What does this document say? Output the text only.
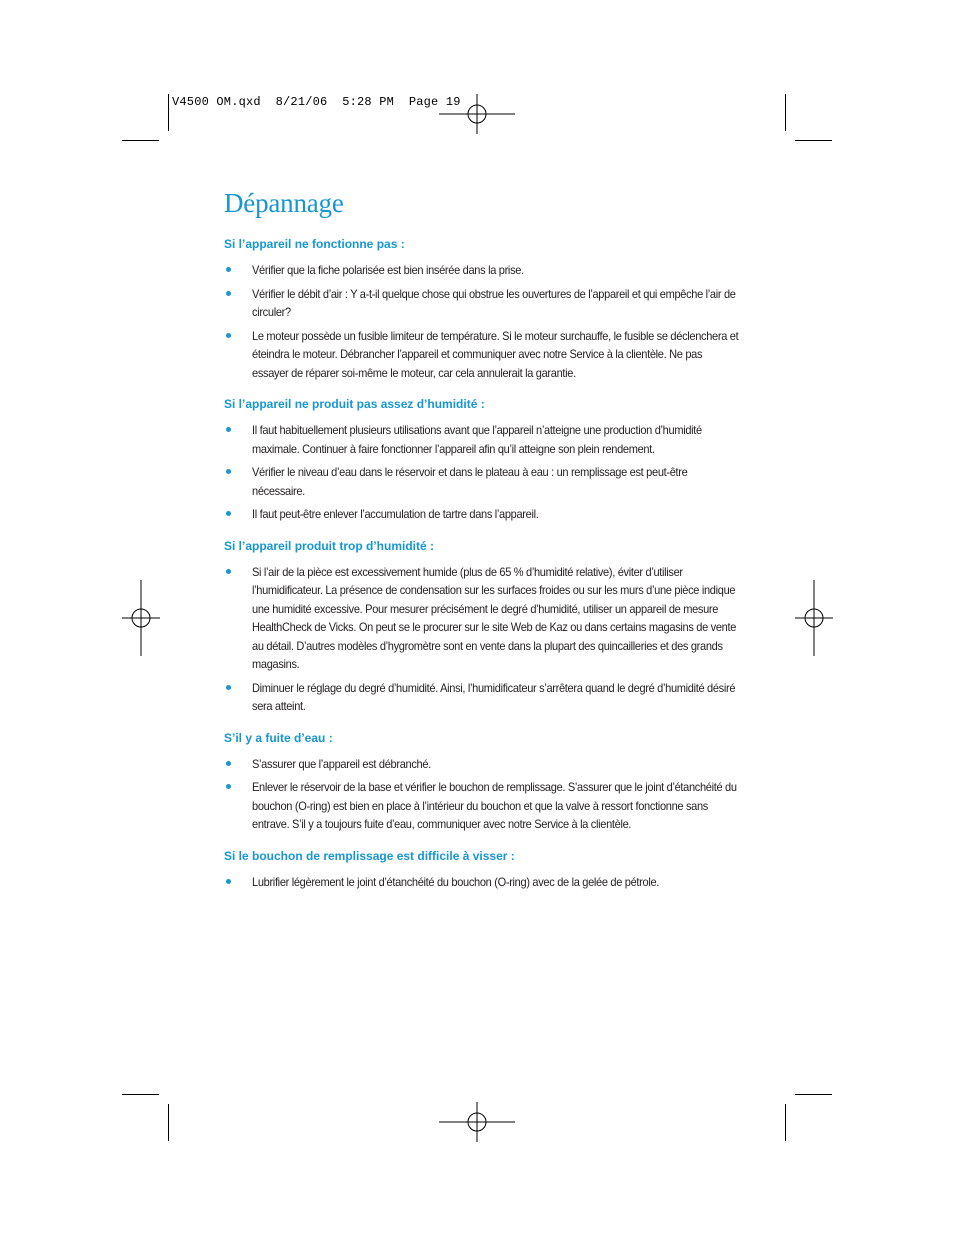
V4500 OM.qxd  8/21/06  5:28 PM  Page 19
Dépannage
Si l’appareil ne fonctionne pas :
Vérifier que la fiche polarisée est bien insérée dans la prise.
Vérifier le débit d’air : Y a-t-il quelque chose qui obstrue les ouvertures de l’appareil et qui empêche l’air de circuler?
Le moteur possède un fusible limiteur de température. Si le moteur surchauffe, le fusible se déclenchera et éteindra le moteur. Débrancher l’appareil et communiquer avec notre Service à la clientèle. Ne pas essayer de réparer soi-même le moteur, car cela annulerait la garantie.
Si l’appareil ne produit pas assez d’humidité :
Il faut habituellement plusieurs utilisations avant que l’appareil n’atteigne une production d’humidité maximale. Continuer à faire fonctionner l’appareil afin qu’il atteigne son plein rendement.
Vérifier le niveau d’eau dans le réservoir et dans le plateau à eau : un remplissage est peut-être nécessaire.
Il faut peut-être enlever l’accumulation de tartre dans l’appareil.
Si l’appareil produit trop d’humidité :
Si l’air de la pièce est excessivement humide (plus de 65 % d’humidité relative), éviter d’utiliser l’humidificateur. La présence de condensation sur les surfaces froides ou sur les murs d’une pièce indique une humidité excessive. Pour mesurer précisément le degré d’humidité, utiliser un appareil de mesure HealthCheck de Vicks. On peut se le procurer sur le site Web de Kaz ou dans certains magasins de vente au détail. D’autres modèles d’hygromètre sont en vente dans la plupart des quincailleries et des grands magasins.
Diminuer le réglage du degré d’humidité. Ainsi, l’humidificateur s’arrêtera quand le degré d’humidité désiré sera atteint.
S’il y a fuite d’eau :
S’assurer que l’appareil est débranché.
Enlever le réservoir de la base et vérifier le bouchon de remplissage. S’assurer que le joint d’étanchéité du bouchon (O-ring) est bien en place à l’intérieur du bouchon et que la valve à ressort fonctionne sans entrave. S’il y a toujours fuite d’eau, communiquer avec notre Service à la clientèle.
Si le bouchon de remplissage est difficile à visser :
Lubrifier légèrement le joint d’étanchéité du bouchon (O-ring) avec de la gelée de pétrole.
